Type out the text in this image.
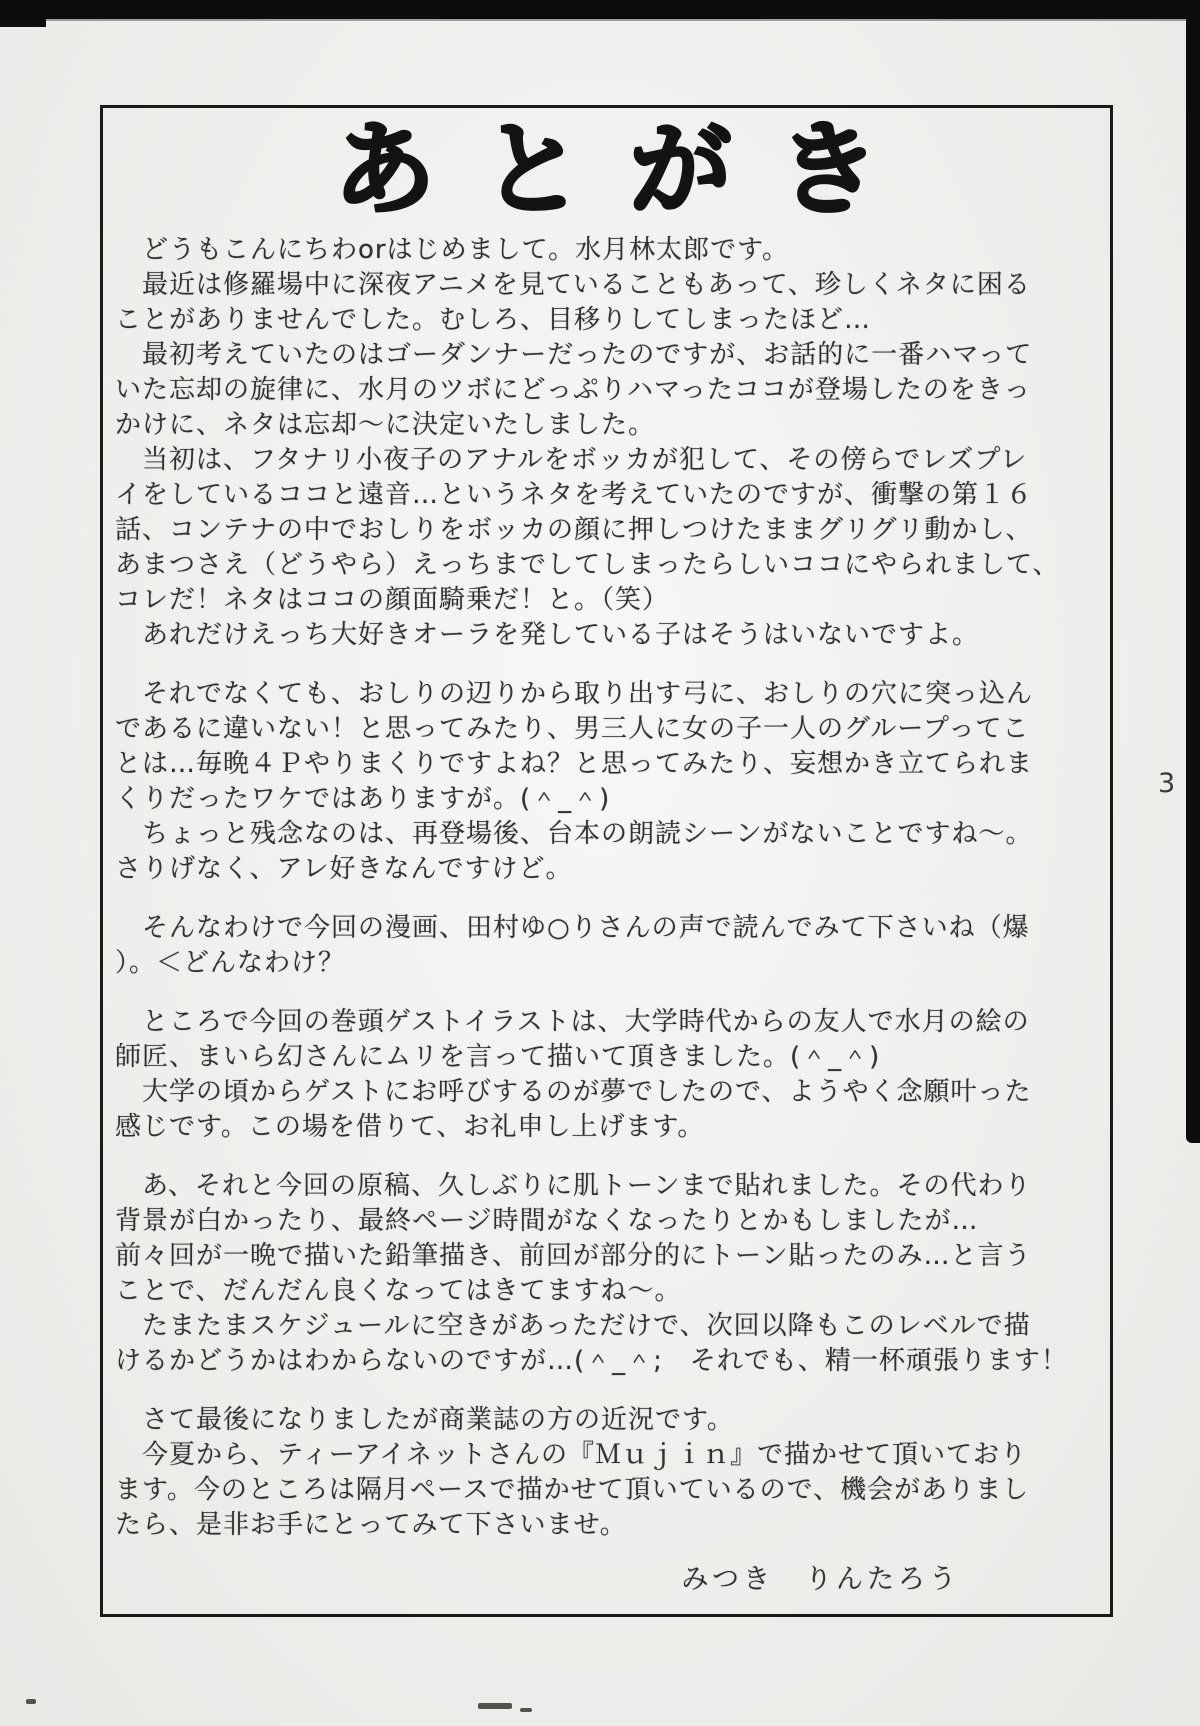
あとがき
　どうもこんにちわorはじめまして。水月林太郎です。
　最近は修羅場中に深夜アニメを見ていることもあって、珍しくネタに困る
ことがありませんでした。むしろ、目移りしてしまったほど…
　最初考えていたのはゴーダンナーだったのですが、お話的に一番ハマって
いた忘却の旋律に、水月のツボにどっぷりハマったココが登場したのをきっ
かけに、ネタは忘却～に決定いたしました。
　当初は、フタナリ小夜子のアナルをボッカが犯して、その傍らでレズプレ
イをしているココと遠音…というネタを考えていたのですが、衝撃の第１６
話、コンテナの中でおしりをボッカの顔に押しつけたままグリグリ動かし、
あまつさえ（どうやら）えっちまでしてしまったらしいココにやられまして、
コレだ！ネタはココの顔面騎乗だ！と。（笑）
　あれだけえっち大好きオーラを発している子はそうはいないですよ。
　それでなくても、おしりの辺りから取り出す弓に、おしりの穴に突っ込ん
であるに違いない！と思ってみたり、男三人に女の子一人のグループってこ
とは…毎晩４Ｐやりまくりですよね？と思ってみたり、妄想かき立てられま
くりだったワケではありますが。(＾_＾)
　ちょっと残念なのは、再登場後、台本の朗読シーンがないことですね～。
さりげなく、アレ好きなんですけど。
　そんなわけで今回の漫画、田村ゆ○りさんの声で読んでみて下さいね（爆
）。＜どんなわけ？
　ところで今回の巻頭ゲストイラストは、大学時代からの友人で水月の絵の
師匠、まいら幻さんにムリを言って描いて頂きました。(＾_＾)
　大学の頃からゲストにお呼びするのが夢でしたので、ようやく念願叶った
感じです。この場を借りて、お礼申し上げます。
　あ、それと今回の原稿、久しぶりに肌トーンまで貼れました。その代わり
背景が白かったり、最終ページ時間がなくなったりとかもしましたが…
前々回が一晩で描いた鉛筆描き、前回が部分的にトーン貼ったのみ…と言う
ことで、だんだん良くなってはきてますね～。
　たまたまスケジュールに空きがあっただけで、次回以降もこのレベルで描
けるかどうかはわからないのですが…(＾_＾;　それでも、精一杯頑張ります！
　さて最後になりましたが商業誌の方の近況です。
　今夏から、ティーアイネットさんの『Ｍｕｊｉｎ』で描かせて頂いており
ます。今のところは隔月ペースで描かせて頂いているので、機会がありまし
たら、是非お手にとってみて下さいませ。
みつき　りんたろう
3
